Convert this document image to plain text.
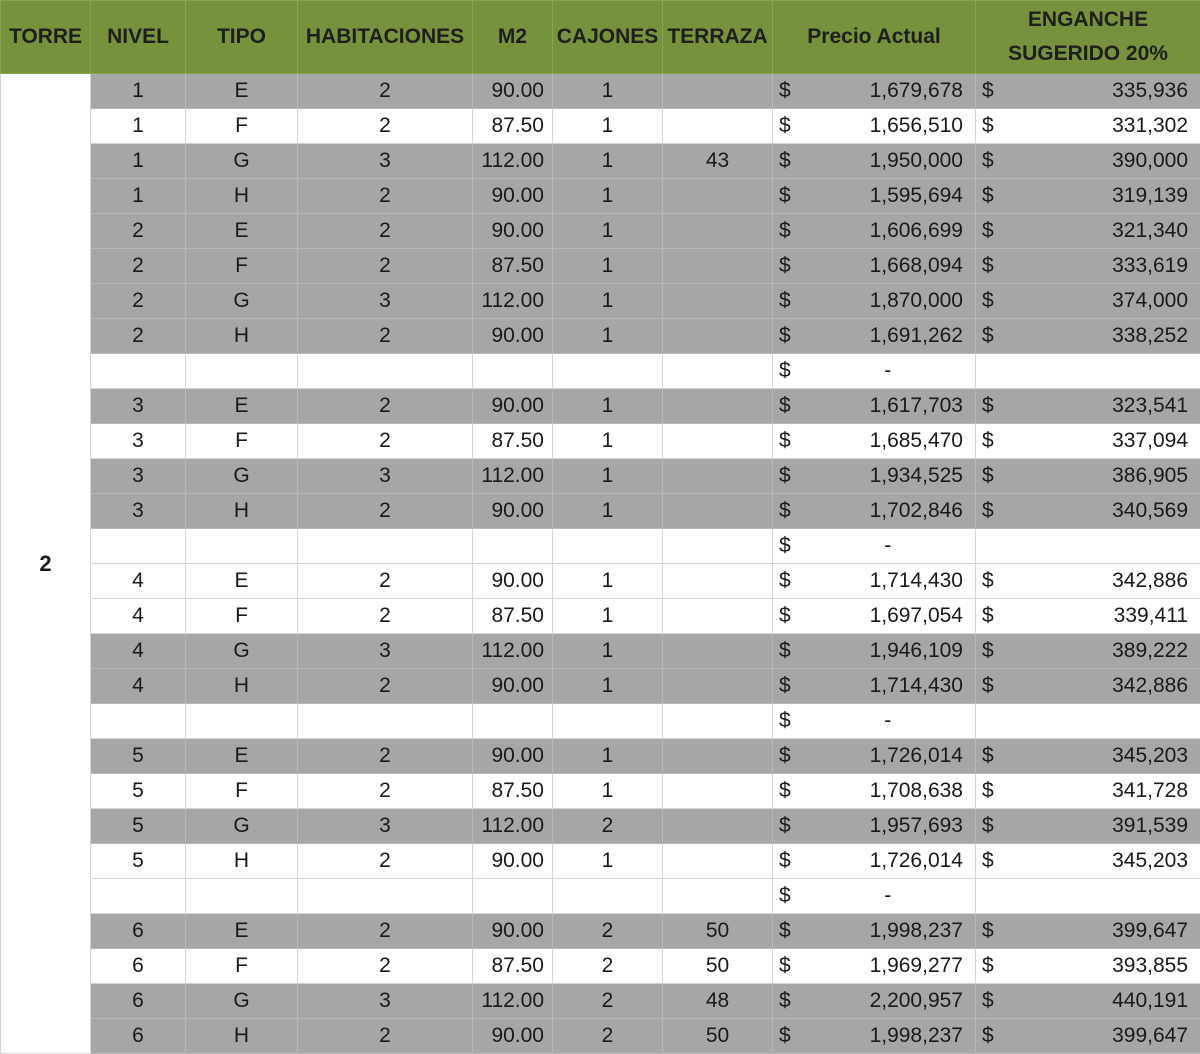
TORRE	NIVEL	TIPO	HABITACIONES	M2	CAJONES	TERRAZA	Precio Actual		ENGANCHE
SUGERIDO 20%	

2	1	E	2	90.00	1		$	1,679,678	$	335,936
	1	F	2	87.50	1		$	1,656,510	$	331,302
	1	G	3	112.00	1	43	$	1,950,000	$	390,000
	1	H	2	90.00	1		$	1,595,694	$	319,139
	2	E	2	90.00	1		$	1,606,699	$	321,340
	2	F	2	87.50	1		$	1,668,094	$	333,619
	2	G	3	112.00	1		$	1,870,000	$	374,000
	2	H	2	90.00	1		$	1,691,262	$	338,252
							$	-		
	3	E	2	90.00	1		$	1,617,703	$	323,541
	3	F	2	87.50	1		$	1,685,470	$	337,094
	3	G	3	112.00	1		$	1,934,525	$	386,905
	3	H	2	90.00	1		$	1,702,846	$	340,569
							$	-		
	4	E	2	90.00	1		$	1,714,430	$	342,886
	4	F	2	87.50	1		$	1,697,054	$	339,411
	4	G	3	112.00	1		$	1,946,109	$	389,222
	4	H	2	90.00	1		$	1,714,430	$	342,886
							$	-		
	5	E	2	90.00	1		$	1,726,014	$	345,203
	5	F	2	87.50	1		$	1,708,638	$	341,728
	5	G	3	112.00	2		$	1,957,693	$	391,539
	5	H	2	90.00	1		$	1,726,014	$	345,203
							$	-		
	6	E	2	90.00	2	50	$	1,998,237	$	399,647
	6	F	2	87.50	2	50	$	1,969,277	$	393,855
	6	G	3	112.00	2	48	$	2,200,957	$	440,191
	6	H	2	90.00	2	50	$	1,998,237	$	399,647
